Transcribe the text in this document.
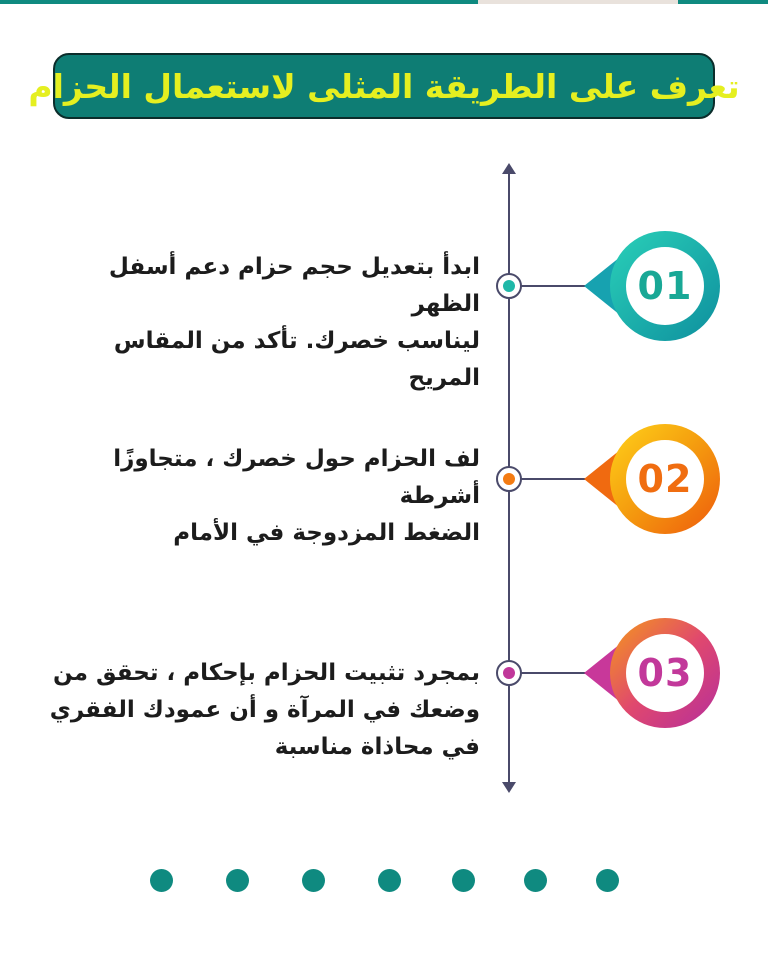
تعرف على الطريقة المثلى لاستعمال الحزام
01
ابدأ بتعديل حجم حزام دعم أسفل الظهر
ليناسب خصرك. تأكد من المقاس المريح
02
لف الحزام حول خصرك ، متجاوزًا أشرطة
الضغط المزدوجة في الأمام
03
بمجرد تثبيت الحزام بإحكام ، تحقق من
وضعك في المرآة و أن عمودك الفقري
في محاذاة مناسبة
